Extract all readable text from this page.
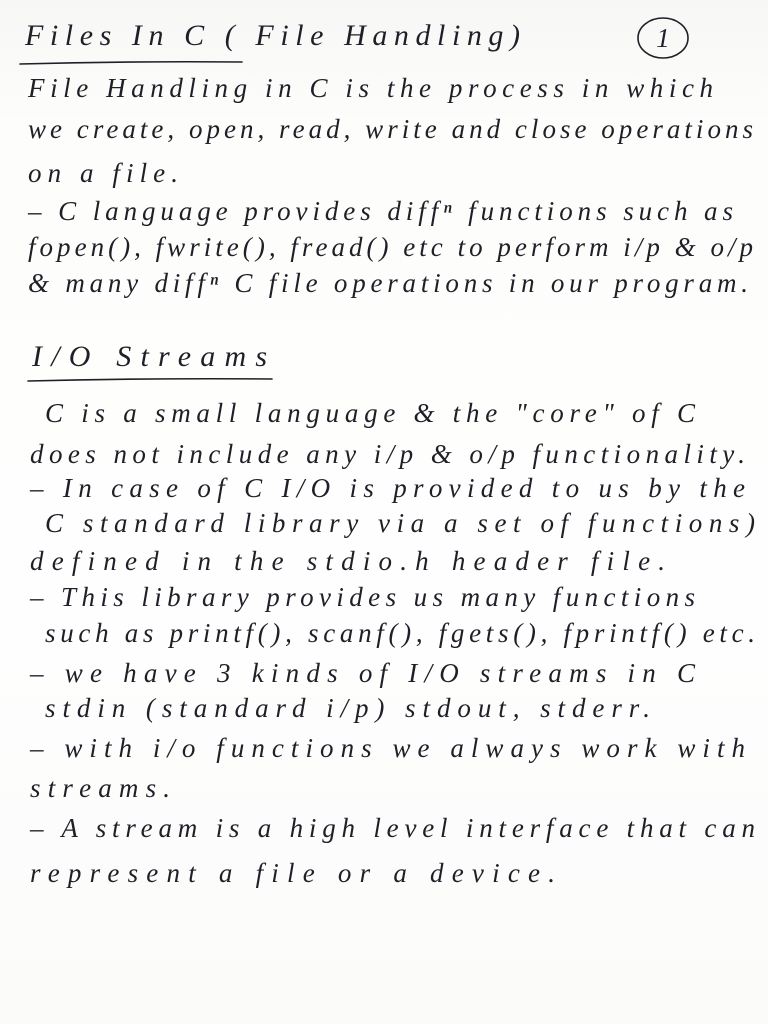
Files In C ( File Handling)	1
File Handling in C is the process in which
we create, open, read, write and close operations
on a file.
– C language provides diffⁿ functions such as
fopen(), fwrite(), fread() etc to perform i/p & o/p
& many diffⁿ C file operations in our program.
I/O Streams
C is a small language & the "core" of C
does not include any i/p & o/p functionality.
– In case of C I/O is provided to us by the
C standard library via a set of functions)
defined in the stdio.h header file.
– This library provides us many functions
such as printf(), scanf(), fgets(), fprintf() etc.
– we have 3 kinds of I/O streams in C
stdin (standard i/p) stdout, stderr.
– with i/o functions we always work with
streams.
– A stream is a high level interface that can
represent a file or a device.
